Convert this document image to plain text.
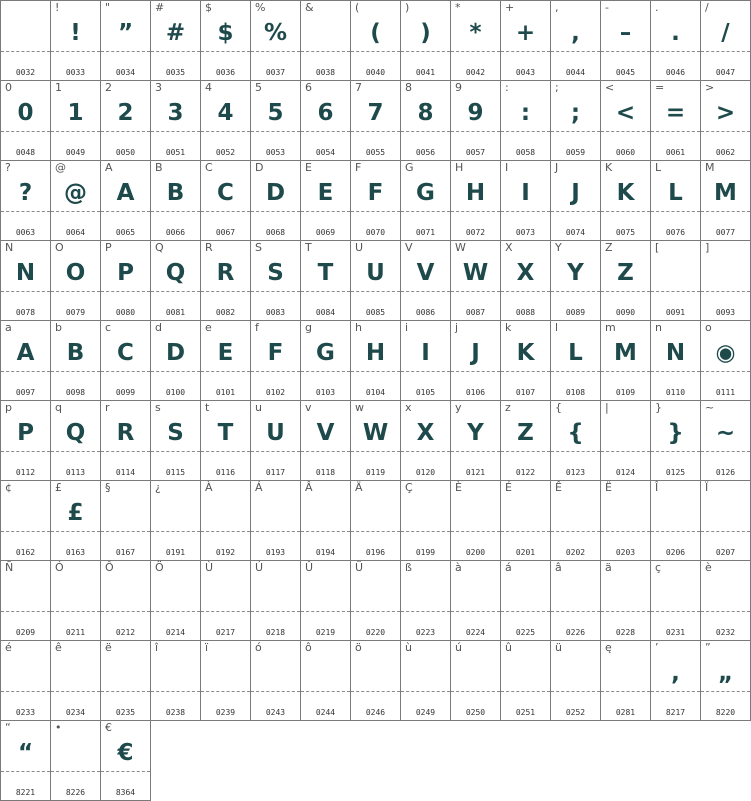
0032
!
!
0033
"
”
0034
#
#
0035
$
$
0036
%
%
0037
&
0038
(
(
0040
)
)
0041
*
*
0042
+
+
0043
,
,
0044
-
–
0045
.
.
0046
/
/
0047
0
0
0048
1
1
0049
2
2
0050
3
3
0051
4
4
0052
5
5
0053
6
6
0054
7
7
0055
8
8
0056
9
9
0057
:
:
0058
;
;
0059
<
<
0060
=
=
0061
>
>
0062
?
?
0063
@
@
0064
A
A
0065
B
B
0066
C
C
0067
D
D
0068
E
E
0069
F
F
0070
G
G
0071
H
H
0072
I
I
0073
J
J
0074
K
K
0075
L
L
0076
M
M
0077
N
N
0078
O
O
0079
P
P
0080
Q
Q
0081
R
R
0082
S
S
0083
T
T
0084
U
U
0085
V
V
0086
W
W
0087
X
X
0088
Y
Y
0089
Z
Z
0090
[
0091
]
0093
a
A
0097
b
B
0098
c
C
0099
d
D
0100
e
E
0101
f
F
0102
g
G
0103
h
H
0104
i
I
0105
j
J
0106
k
K
0107
l
L
0108
m
M
0109
n
N
0110
o
◉
0111
p
P
0112
q
Q
0113
r
R
0114
s
S
0115
t
T
0116
u
U
0117
v
V
0118
w
W
0119
x
X
0120
y
Y
0121
z
Z
0122
{
{
0123
|
0124
}
}
0125
~
~
0126
¢
0162
£
£
0163
§
0167
¿
0191
À
0192
Á
0193
Â
0194
Ä
0196
Ç
0199
È
0200
É
0201
Ê
0202
Ë
0203
Î
0206
Ï
0207
Ñ
0209
Ó
0211
Ô
0212
Ö
0214
Ù
0217
Ú
0218
Û
0219
Ü
0220
ß
0223
à
0224
á
0225
â
0226
ä
0228
ç
0231
è
0232
é
0233
ê
0234
ë
0235
î
0238
ï
0239
ó
0243
ô
0244
ö
0246
ù
0249
ú
0250
û
0251
ü
0252
ę
0281
’
,
8217
”
„
8220
“
“
8221
•
8226
€
€
8364
